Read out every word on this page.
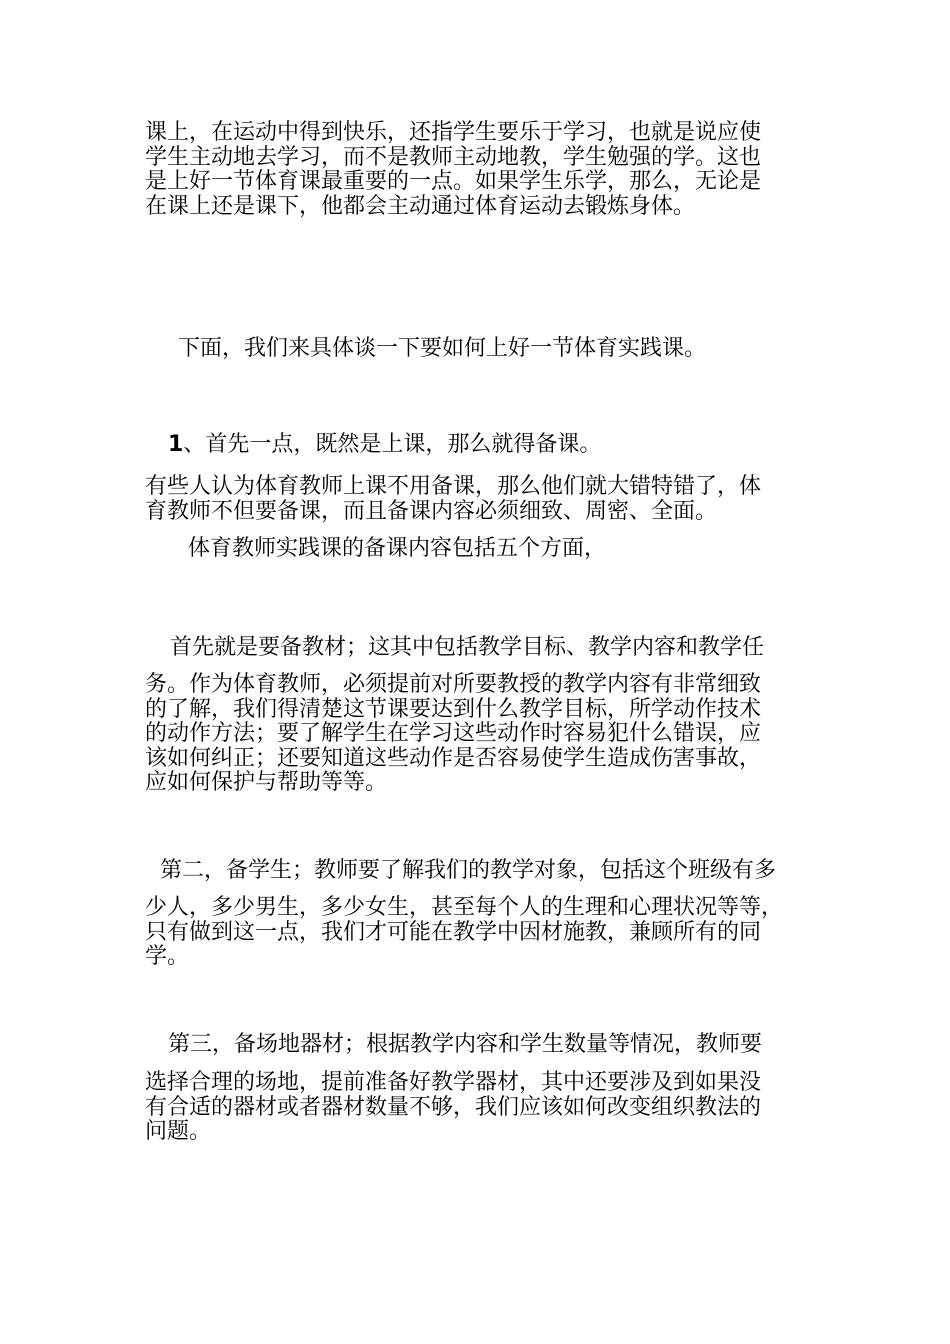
课上，在运动中得到快乐，还指学生要乐于学习，也就是说应使
学生主动地去学习，而不是教师主动地教，学生勉强的学。这也
是上好一节体育课最重要的一点。如果学生乐学，那么，无论是
在课上还是课下，他都会主动通过体育运动去锻炼身体。
下面，我们来具体谈一下要如何上好一节体育实践课。
1、首先一点，既然是上课，那么就得备课。
有些人认为体育教师上课不用备课，那么他们就大错特错了，体
育教师不但要备课，而且备课内容必须细致、周密、全面。
体育教师实践课的备课内容包括五个方面，
首先就是要备教材；这其中包括教学目标、教学内容和教学任
务。作为体育教师，必须提前对所要教授的教学内容有非常细致
的了解，我们得清楚这节课要达到什么教学目标，所学动作技术
的动作方法；要了解学生在学习这些动作时容易犯什么错误，应
该如何纠正；还要知道这些动作是否容易使学生造成伤害事故，
应如何保护与帮助等等。
第二，备学生；教师要了解我们的教学对象，包括这个班级有多
少人，多少男生，多少女生，甚至每个人的生理和心理状况等等，
只有做到这一点，我们才可能在教学中因材施教，兼顾所有的同
学。
第三，备场地器材；根据教学内容和学生数量等情况，教师要
选择合理的场地，提前准备好教学器材，其中还要涉及到如果没
有合适的器材或者器材数量不够，我们应该如何改变组织教法的
问题。
